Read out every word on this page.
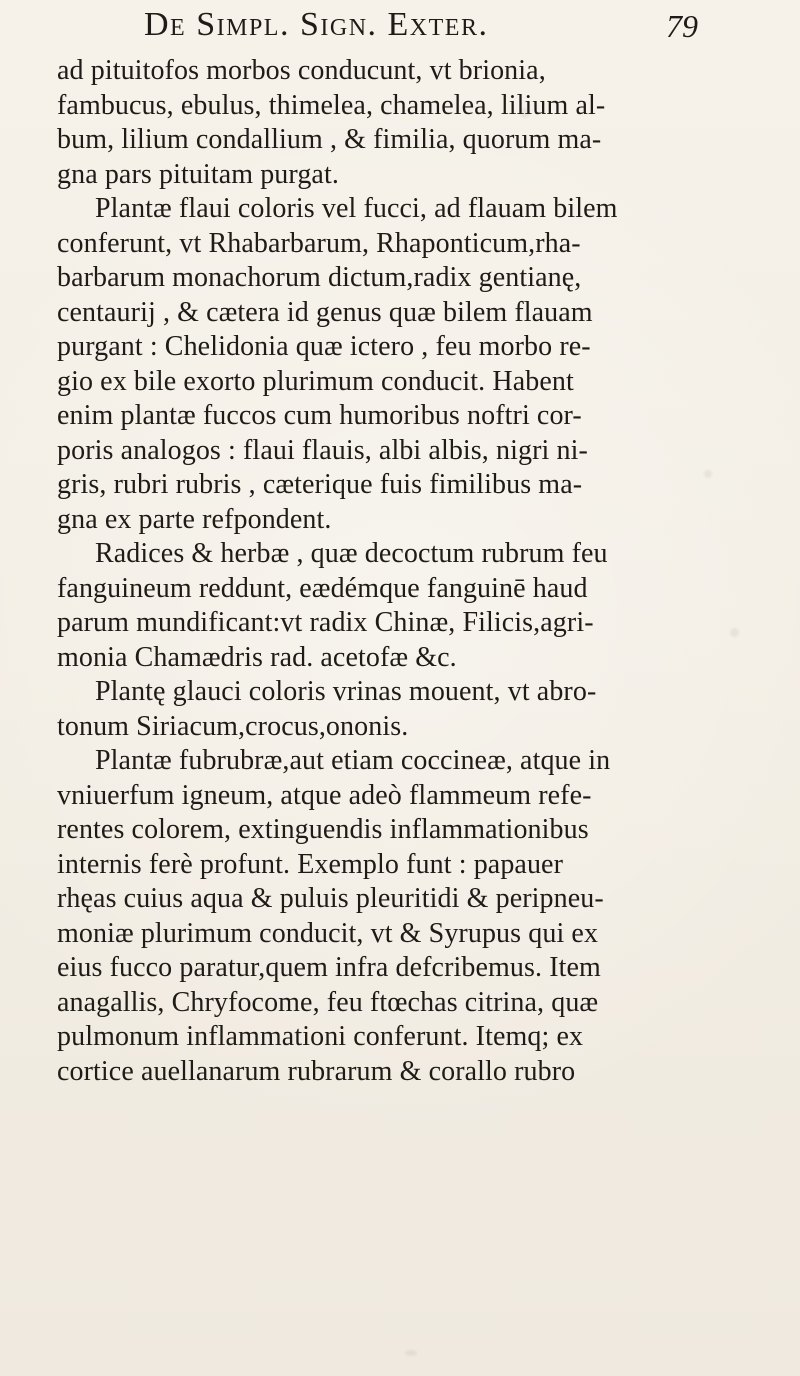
De Simpl. Sign. Exter.	79
ad pituitofos morbos conducunt, vt brionia,
fambucus, ebulus, thimelea, chamelea, lilium al-
bum, lilium condallium , & fimilia, quorum ma-
gna pars pituitam purgat.
Plantæ flaui coloris vel fucci, ad flauam bilem
conferunt, vt Rhabarbarum, Rhaponticum,rha-
barbarum monachorum dictum,radix gentianę,
centaurij , & cætera id genus quæ bilem flauam
purgant : Chelidonia quæ ictero , feu morbo re-
gio ex bile exorto plurimum conducit. Habent
enim plantæ fuccos cum humoribus noftri cor-
poris analogos : flaui flauis, albi albis, nigri ni-
gris, rubri rubris , cæterique fuis fimilibus ma-
gna ex parte refpondent.
Radices & herbæ , quæ decoctum rubrum feu
fanguineum reddunt, eædémque fanguinē haud
parum mundificant:vt radix Chinæ, Filicis,agri-
monia Chamædris rad. acetofæ &c.
Plantę glauci coloris vrinas mouent, vt abro-
tonum Siriacum,crocus,ononis.
Plantæ fubrubræ,aut etiam coccineæ, atque in
vniuerfum igneum, atque adeò flammeum refe-
rentes colorem, extinguendis inflammationibus
internis ferè profunt. Exemplo funt : papauer
rhęas cuius aqua & puluis pleuritidi & peripneu-
moniæ plurimum conducit, vt & Syrupus qui ex
eius fucco paratur,quem infra defcribemus. Item
anagallis, Chryfocome, feu ftœchas citrina, quæ
pulmonum inflammationi conferunt. Itemq; ex
cortice auellanarum rubrarum & corallo rubro
